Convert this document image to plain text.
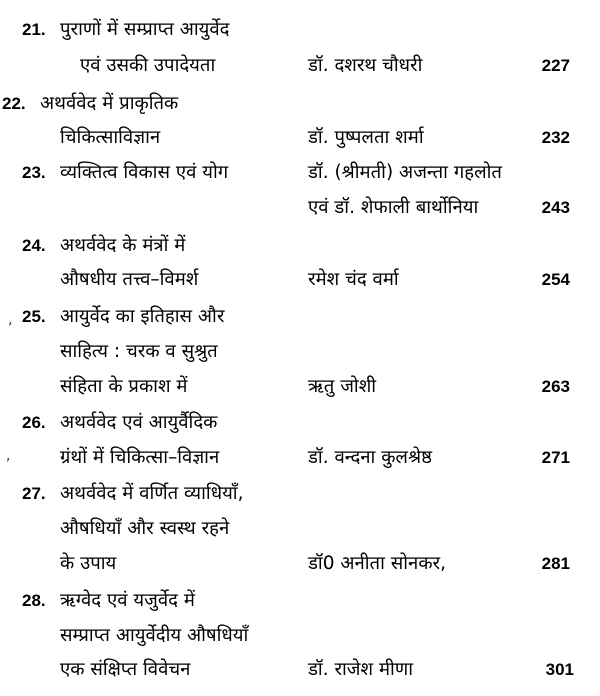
21. पुराणों में सम्प्राप्त आयुर्वेद
एवं उसकी उपादेयता	डॉ. दशरथ चौधरी	227
22. अथर्ववेद में प्राकृतिक
चिकित्साविज्ञान	डॉ. पुष्पलता शर्मा	232
23. व्यक्तित्व विकास एवं योग	डॉ. (श्रीमती) अजन्ता गहलोत
एवं डॉ. शेफाली बार्थोनिया	243
24. अथर्ववेद के मंत्रों में
औषधीय तत्त्व–विमर्श	रमेश चंद वर्मा	254
25. आयुर्वेद का इतिहास और
साहित्य : चरक व सुश्रुत
संहिता के प्रकाश में	ऋतु जोशी	263
26. अथर्ववेद एवं आयुर्वैदिक
ग्रंथों में चिकित्सा–विज्ञान	डॉ. वन्दना कुलश्रेष्ठ	271
27. अथर्ववेद में वर्णित व्याधियाँ,
औषधियाँ और स्वस्थ रहने
के उपाय	डॉ0 अनीता सोनकर,	281
28. ऋग्वेद एवं यजुर्वेद में
सम्प्राप्त आयुर्वेदीय औषधियाँ
एक संक्षिप्त विवेचन	डॉ. राजेश मीणा	301
‚
,
